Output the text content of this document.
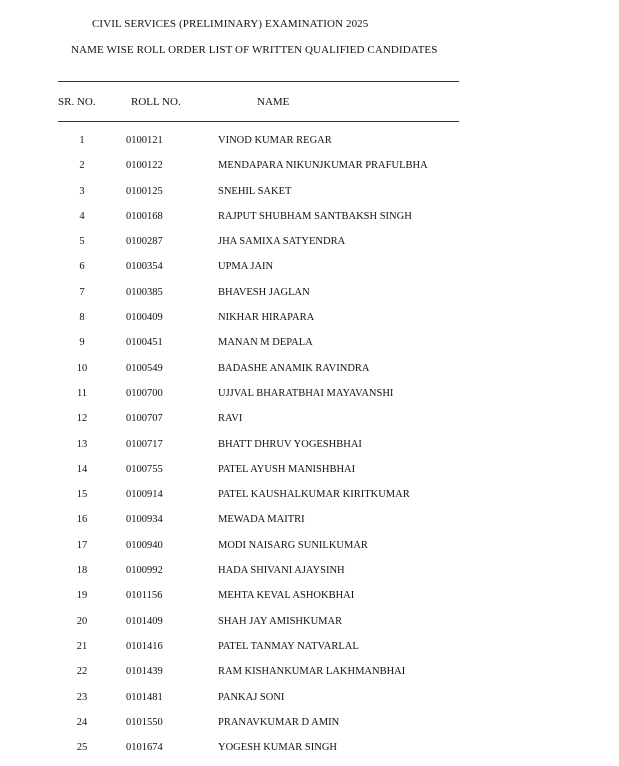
CIVIL SERVICES (PRELIMINARY) EXAMINATION 2025
NAME WISE ROLL ORDER LIST OF WRITTEN QUALIFIED CANDIDATES
SR. NO.	ROLL NO.	NAME
1	0100121	VINOD KUMAR REGAR
2	0100122	MENDAPARA NIKUNJKUMAR PRAFULBHA
3	0100125	SNEHIL SAKET
4	0100168	RAJPUT SHUBHAM SANTBAKSH SINGH
5	0100287	JHA SAMIXA SATYENDRA
6	0100354	UPMA JAIN
7	0100385	BHAVESH JAGLAN
8	0100409	NIKHAR HIRAPARA
9	0100451	MANAN M DEPALA
10	0100549	BADASHE ANAMIK RAVINDRA
11	0100700	UJJVAL BHARATBHAI MAYAVANSHI
12	0100707	RAVI
13	0100717	BHATT DHRUV YOGESHBHAI
14	0100755	PATEL AYUSH MANISHBHAI
15	0100914	PATEL KAUSHALKUMAR KIRITKUMAR
16	0100934	MEWADA MAITRI
17	0100940	MODI NAISARG SUNILKUMAR
18	0100992	HADA SHIVANI AJAYSINH
19	0101156	MEHTA KEVAL ASHOKBHAI
20	0101409	SHAH JAY AMISHKUMAR
21	0101416	PATEL TANMAY NATVARLAL
22	0101439	RAM KISHANKUMAR LAKHMANBHAI
23	0101481	PANKAJ SONI
24	0101550	PRANAVKUMAR D AMIN
25	0101674	YOGESH KUMAR SINGH
